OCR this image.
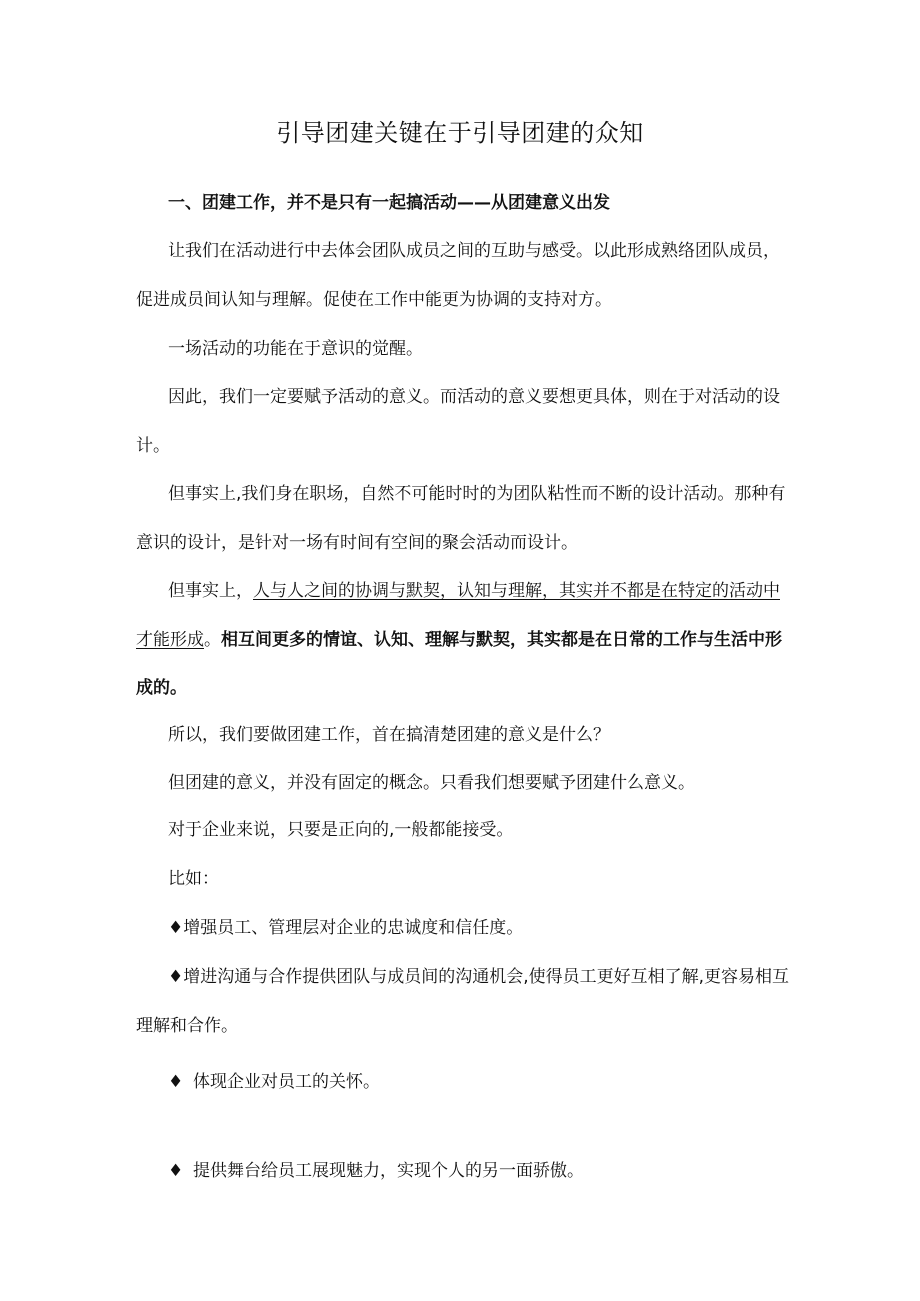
引导团建关键在于引导团建的众知

一、团建工作，并不是只有一起搞活动——从团建意义出发

让我们在活动进行中去体会团队成员之间的互助与感受。以此形成熟络团队成员，

促进成员间认知与理解。促使在工作中能更为协调的支持对方。

一场活动的功能在于意识的觉醒。

因此，我们一定要赋予活动的意义。而活动的意义要想更具体，则在于对活动的设

计。

但事实上,我们身在职场，自然不可能时时的为团队粘性而不断的设计活动。那种有

意识的设计，是针对一场有时间有空间的聚会活动而设计。

但事实上，人与人之间的协调与默契，认知与理解，其实并不都是在特定的活动中

才能形成。相互间更多的情谊、认知、理解与默契，其实都是在日常的工作与生活中形

成的。

所以，我们要做团建工作，首在搞清楚团建的意义是什么？

但团建的意义，并没有固定的概念。只看我们想要赋予团建什么意义。

对于企业来说，只要是正向的,一般都能接受。

比如：

♦增强员工、管理层对企业的忠诚度和信任度。

♦增进沟通与合作提供团队与成员间的沟通机会,使得员工更好互相了解,更容易相互

理解和合作。

♦ 体现企业对员工的关怀。

♦ 提供舞台给员工展现魅力，实现个人的另一面骄傲。
